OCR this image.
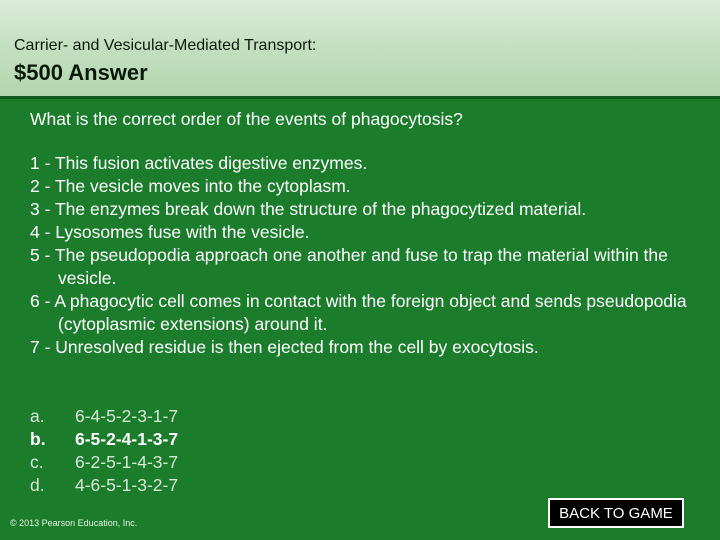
Carrier- and Vesicular-Mediated Transport:
$500 Answer
What is the correct order of the events of phagocytosis?
1 - This fusion activates digestive enzymes.
2 - The vesicle moves into the cytoplasm.
3 - The enzymes break down the structure of the phagocytized material.
4 - Lysosomes fuse with the vesicle.
5 - The pseudopodia approach one another and fuse to trap the material within the vesicle.
6 - A phagocytic cell comes in contact with the foreign object and sends pseudopodia (cytoplasmic extensions) around it.
7 - Unresolved residue is then ejected from the cell by exocytosis.
a.	6-4-5-2-3-1-7
b.	6-5-2-4-1-3-7
c.	6-2-5-1-4-3-7
d.	4-6-5-1-3-2-7
© 2013 Pearson Education, Inc.
BACK TO GAME
